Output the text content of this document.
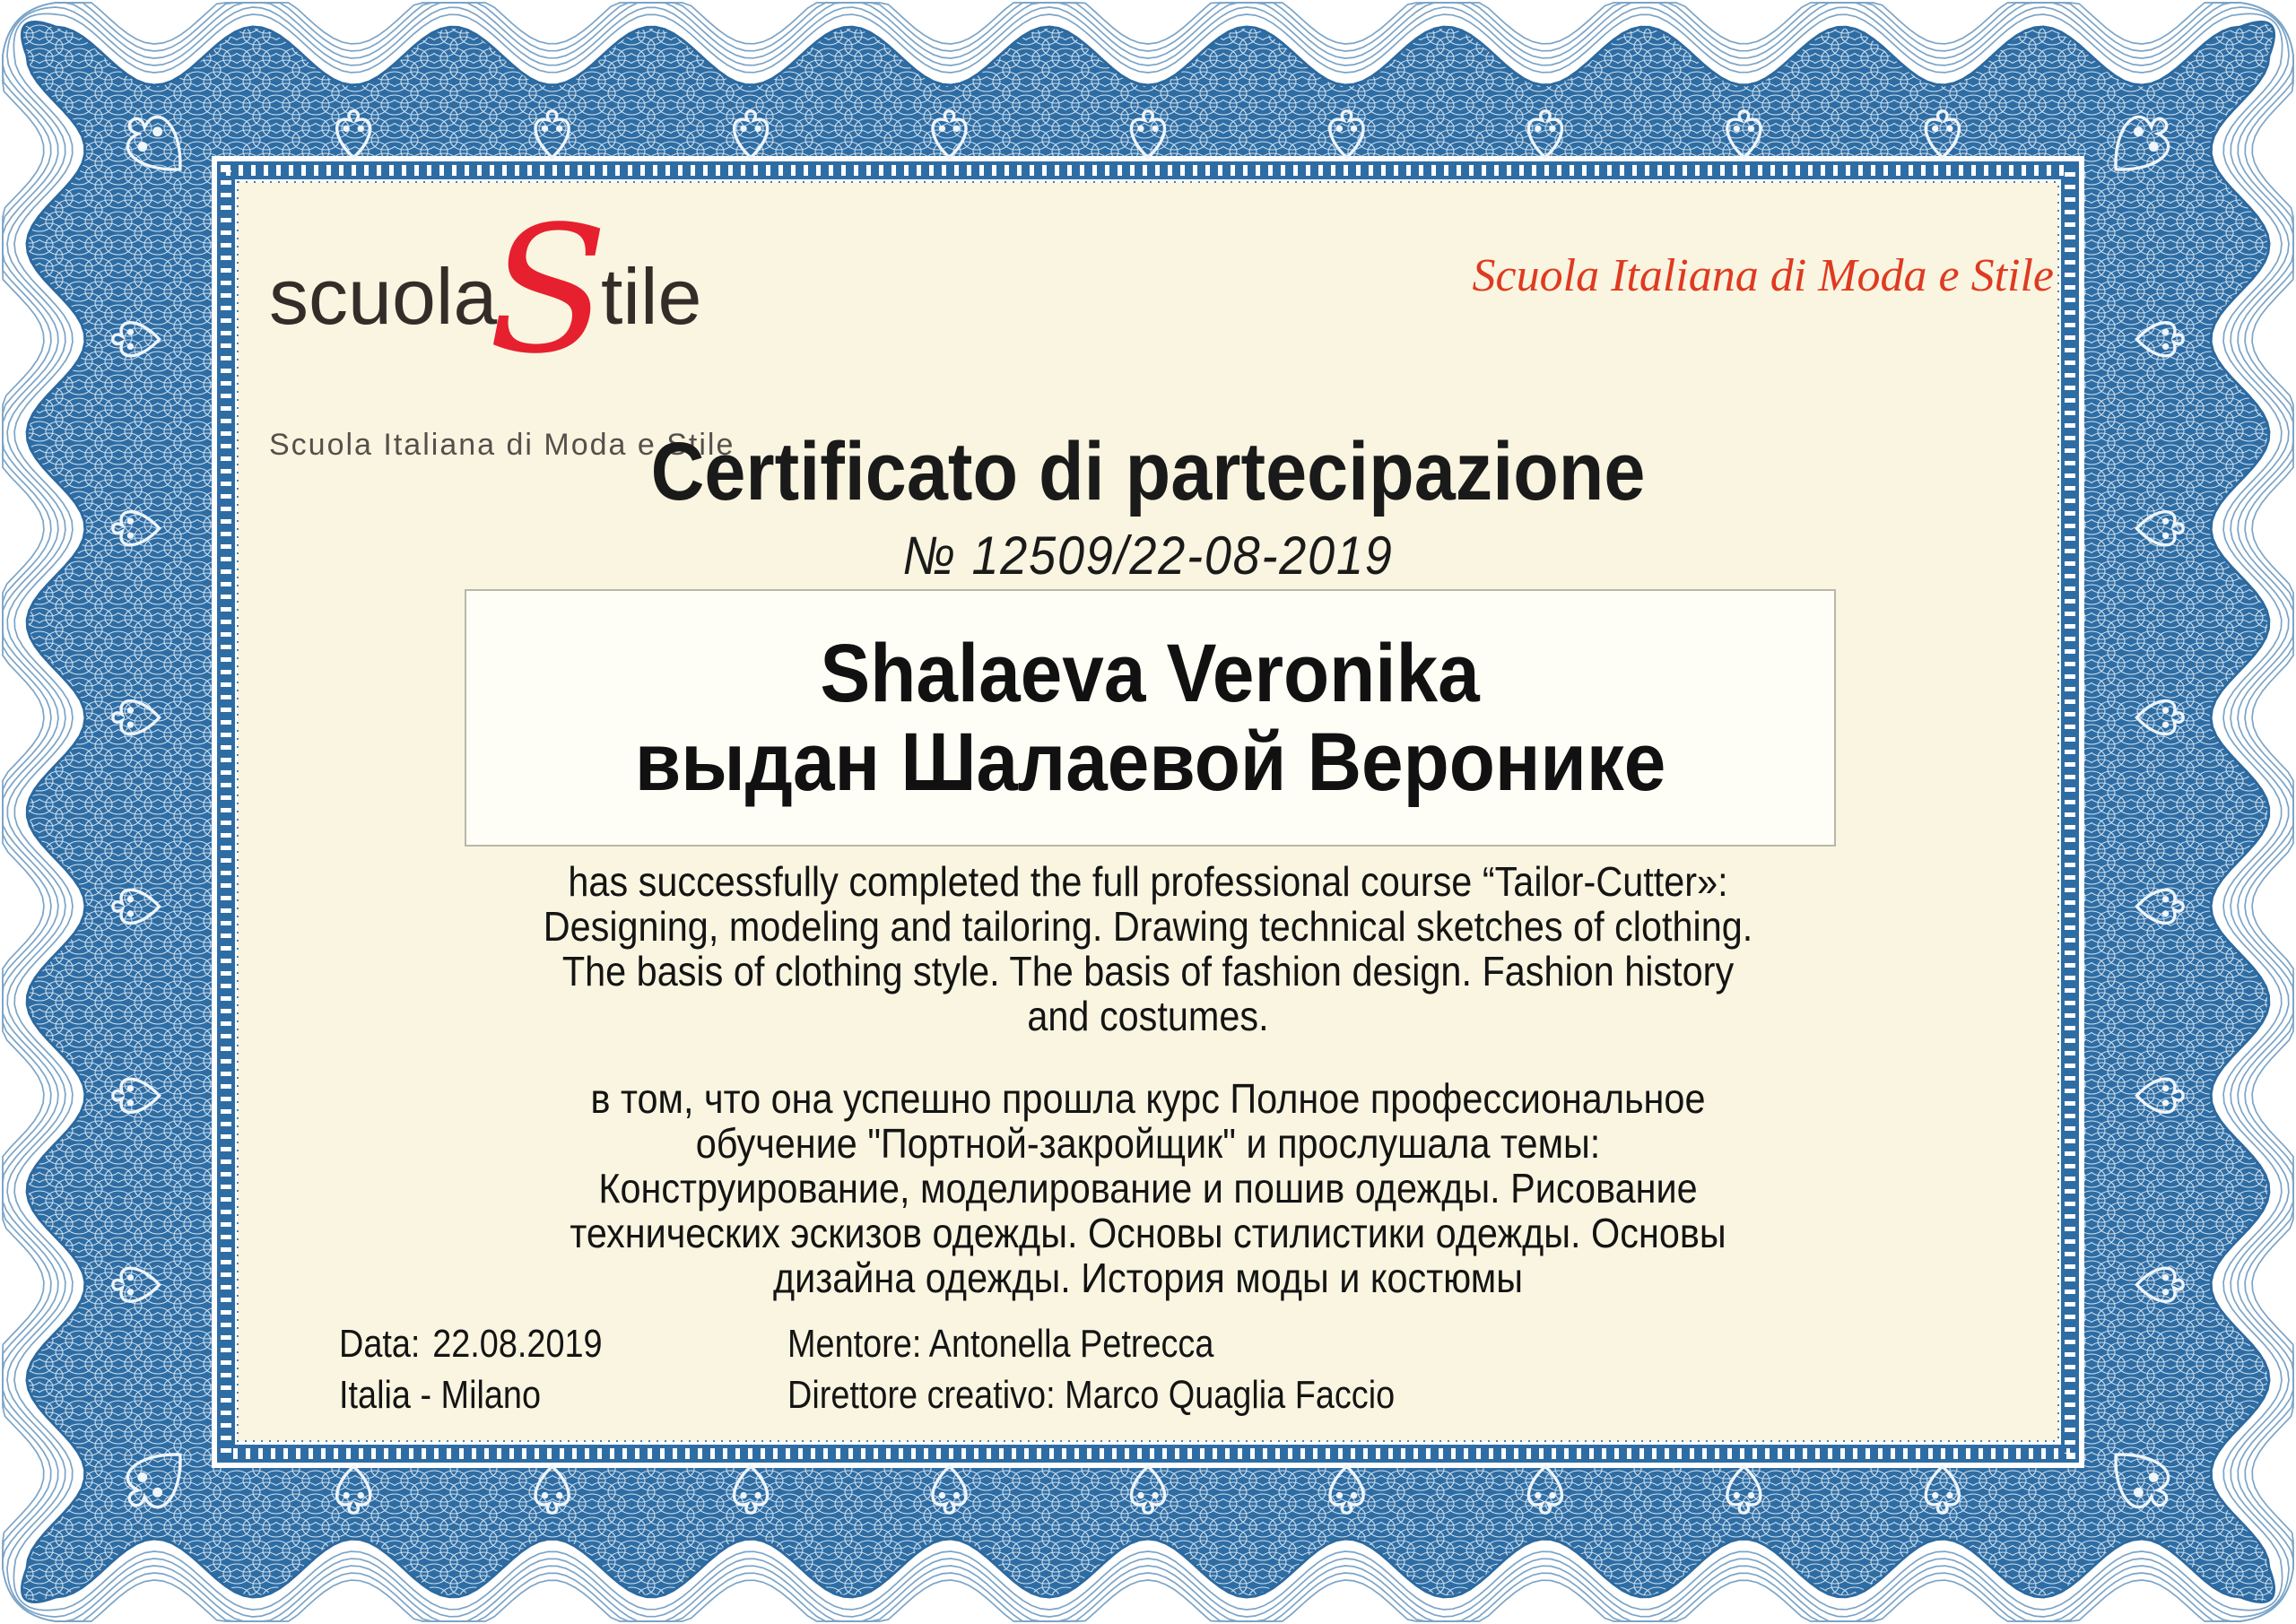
scuolaStile
Scuola Italiana di Moda e Stile
Scuola Italiana di Moda e Stile
Certificato di partecipazione
№ 12509/22-08-2019
Shalaeva Veronika
выдан Шалаевой Веронике
has successfully completed the full professional course “Tailor-Cutter»:
Designing, modeling and tailoring. Drawing technical sketches of clothing.
The basis of clothing style. The basis of fashion design. Fashion history
and costumes.
в том, что она успешно прошла курс Полное профессиональное
обучение "Портной-закройщик" и прослушала темы:
Конструирование, моделирование и пошив одежды. Рисование
технических эскизов одежды. Основы стилистики одежды. Основы
дизайна одежды. История моды и костюмы
Data: 22.08.2019
Italia - Milano
Mentore: Antonella Petrecca
Direttore creativo: Marco Quaglia Faccio
